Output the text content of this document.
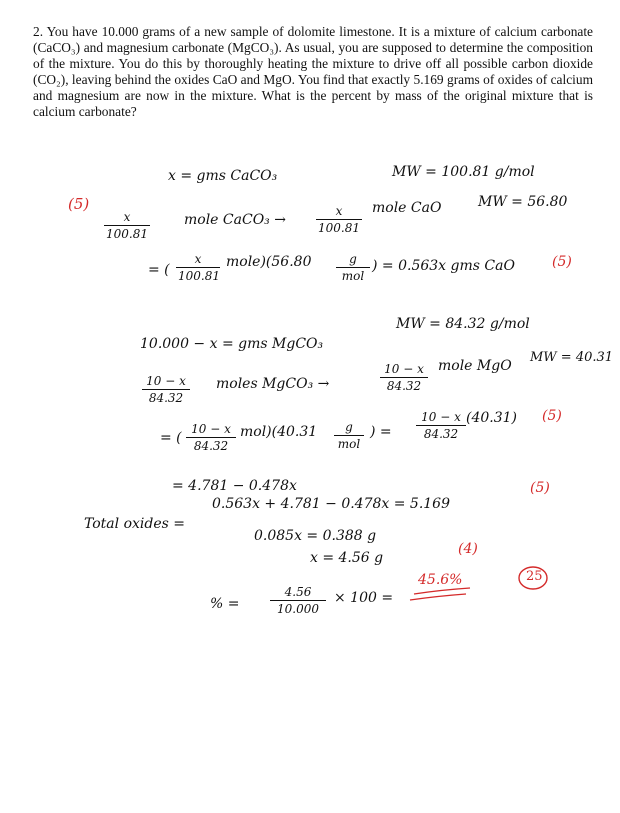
2. You have 10.000 grams of a new sample of dolomite limestone. It is a mixture of calcium carbonate (CaCO₃) and magnesium carbonate (MgCO₃). As usual, you are supposed to determine the composition of the mixture. You do this by thoroughly heating the mixture to drive off all possible carbon dioxide (CO₂), leaving behind the oxides CaO and MgO. You find that exactly 5.169 grams of oxides of calcium and magnesium are now in the mixture. What is the percent by mass of the original mixture that is calcium carbonate?
x = gms CaCO₃	MW = 100.81 g/mol
(5)
x
100.81
mole CaCO₃ →
x
100.81
mole CaO	MW = 56.80
= (
x
100.81
mole)(56.80	g
mol
) = 0.563x gms CaO	(5)
10.000 − x = gms MgCO₃
MW = 84.32 g/mol
10 − x
84.32
moles MgCO₃ →
10 − x
84.32
mole MgO
MW = 40.31
= (
10 − x
84.32
mol)(40.31	g
mol
) =
10 − x
84.32
(40.31) (5)
= 4.781 − 0.478x
Total oxides =
0.563x + 4.781 − 0.478x = 5.169
(5)
0.085x = 0.388 g
x = 4.56 g
(4)
% =
4.56
10.000
× 100 =
45.6%	25
